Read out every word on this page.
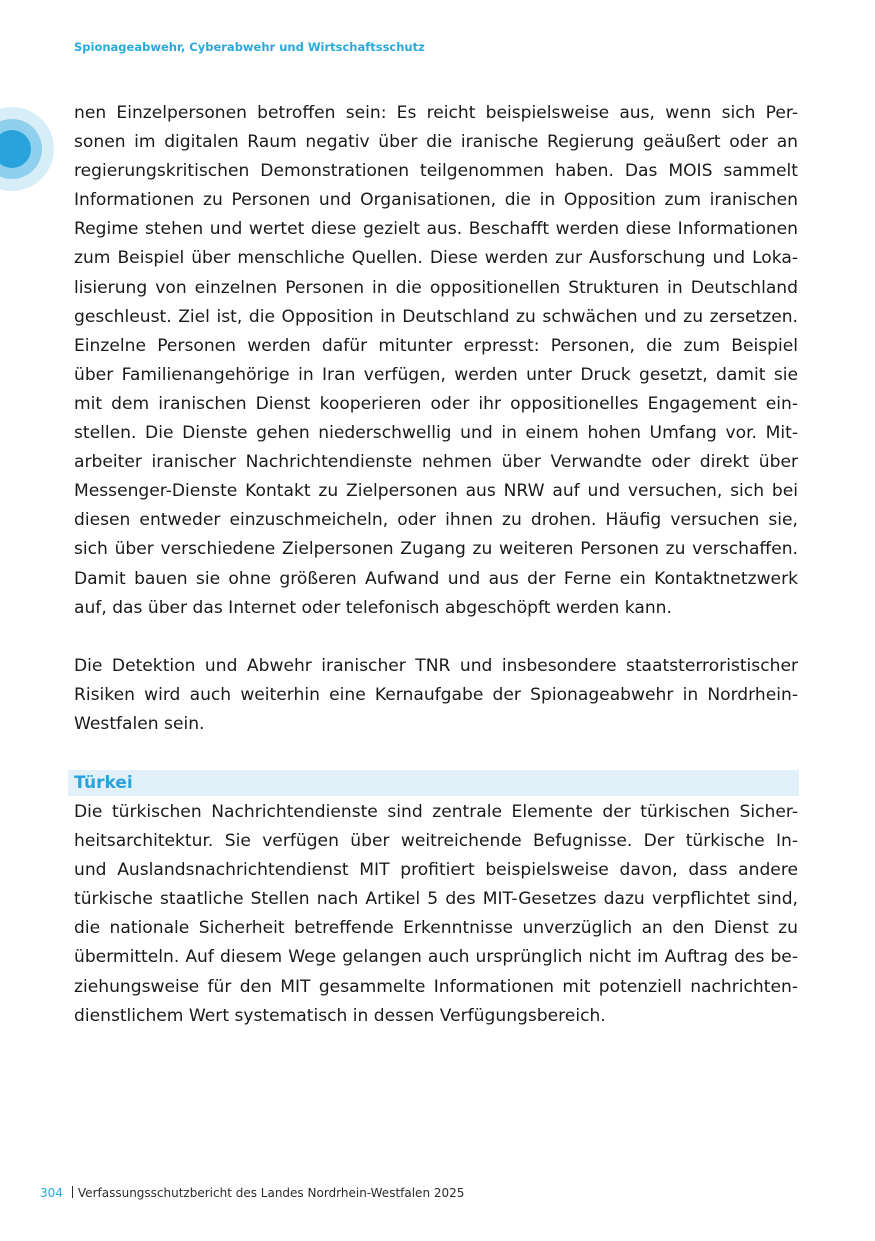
Spionageabwehr, Cyberabwehr und Wirtschaftsschutz
nen Einzelpersonen betroffen sein: Es reicht beispielsweise aus, wenn sich Per-
sonen im digitalen Raum negativ über die iranische Regierung geäußert oder an
regierungskritischen Demonstrationen teilgenommen haben. Das MOIS sammelt
Informationen zu Personen und Organisationen, die in Opposition zum iranischen
Regime stehen und wertet diese gezielt aus. Beschafft werden diese Informationen
zum Beispiel über menschliche Quellen. Diese werden zur Ausforschung und Loka-
lisierung von einzelnen Personen in die oppositionellen Strukturen in Deutschland
geschleust. Ziel ist, die Opposition in Deutschland zu schwächen und zu zersetzen.
Einzelne Personen werden dafür mitunter erpresst: Personen, die zum Beispiel
über Familienangehörige in Iran verfügen, werden unter Druck gesetzt, damit sie
mit dem iranischen Dienst kooperieren oder ihr oppositionelles Engagement ein-
stellen. Die Dienste gehen niederschwellig und in einem hohen Umfang vor. Mit-
arbeiter iranischer Nachrichtendienste nehmen über Verwandte oder direkt über
Messenger-Dienste Kontakt zu Zielpersonen aus NRW auf und versuchen, sich bei
diesen entweder einzuschmeicheln, oder ihnen zu drohen. Häufig versuchen sie,
sich über verschiedene Zielpersonen Zugang zu weiteren Personen zu verschaffen.
Damit bauen sie ohne größeren Aufwand und aus der Ferne ein Kontaktnetzwerk
auf, das über das Internet oder telefonisch abgeschöpft werden kann.
Die Detektion und Abwehr iranischer TNR und insbesondere staatsterroristischer
Risiken wird auch weiterhin eine Kernaufgabe der Spionageabwehr in Nordrhein-
Westfalen sein.
Türkei
Die türkischen Nachrichtendienste sind zentrale Elemente der türkischen Sicher-
heitsarchitektur. Sie verfügen über weitreichende Befugnisse. Der türkische In-
und Auslandsnachrichtendienst MIT profitiert beispielsweise davon, dass andere
türkische staatliche Stellen nach Artikel 5 des MIT-Gesetzes dazu verpflichtet sind,
die nationale Sicherheit betreffende Erkenntnisse unverzüglich an den Dienst zu
übermitteln. Auf diesem Wege gelangen auch ursprünglich nicht im Auftrag des be-
ziehungsweise für den MIT gesammelte Informationen mit potenziell nachrichten-
dienstlichem Wert systematisch in dessen Verfügungsbereich.
304 Verfassungsschutzbericht des Landes Nordrhein-Westfalen 2025
